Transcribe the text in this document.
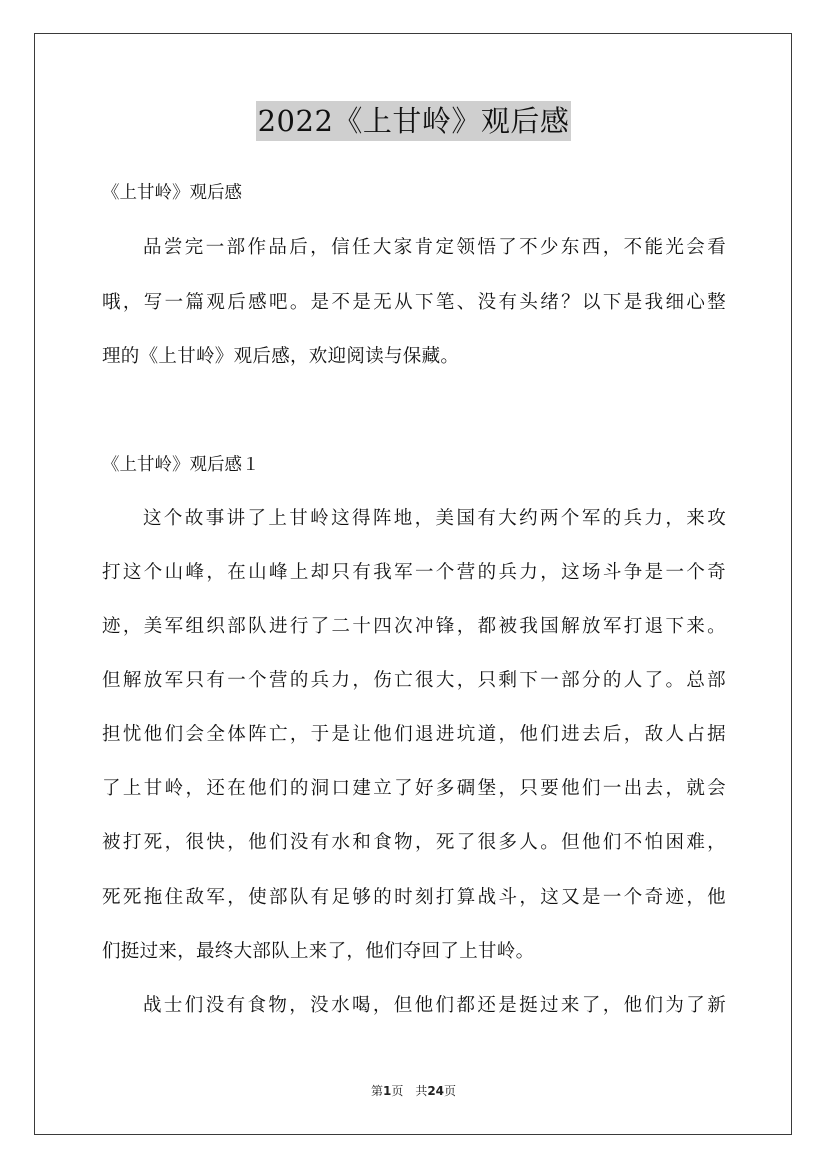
2022《上甘岭》观后感

《上甘岭》观后感

品尝完一部作品后，信任大家肯定领悟了不少东西，不能光会看

哦，写一篇观后感吧。是不是无从下笔、没有头绪？以下是我细心整

理的《上甘岭》观后感，欢迎阅读与保藏。

《上甘岭》观后感１

这个故事讲了上甘岭这得阵地，美国有大约两个军的兵力，来攻

打这个山峰，在山峰上却只有我军一个营的兵力，这场斗争是一个奇

迹，美军组织部队进行了二十四次冲锋，都被我国解放军打退下来。

但解放军只有一个营的兵力，伤亡很大，只剩下一部分的人了。总部

担忧他们会全体阵亡，于是让他们退进坑道，他们进去后，敌人占据

了上甘岭，还在他们的洞口建立了好多碉堡，只要他们一出去，就会

被打死，很快，他们没有水和食物，死了很多人。但他们不怕困难，

死死拖住敌军，使部队有足够的时刻打算战斗，这又是一个奇迹，他

们挺过来，最终大部队上来了，他们夺回了上甘岭。

战士们没有食物，没水喝，但他们都还是挺过来了，他们为了新

第1页　共24页
